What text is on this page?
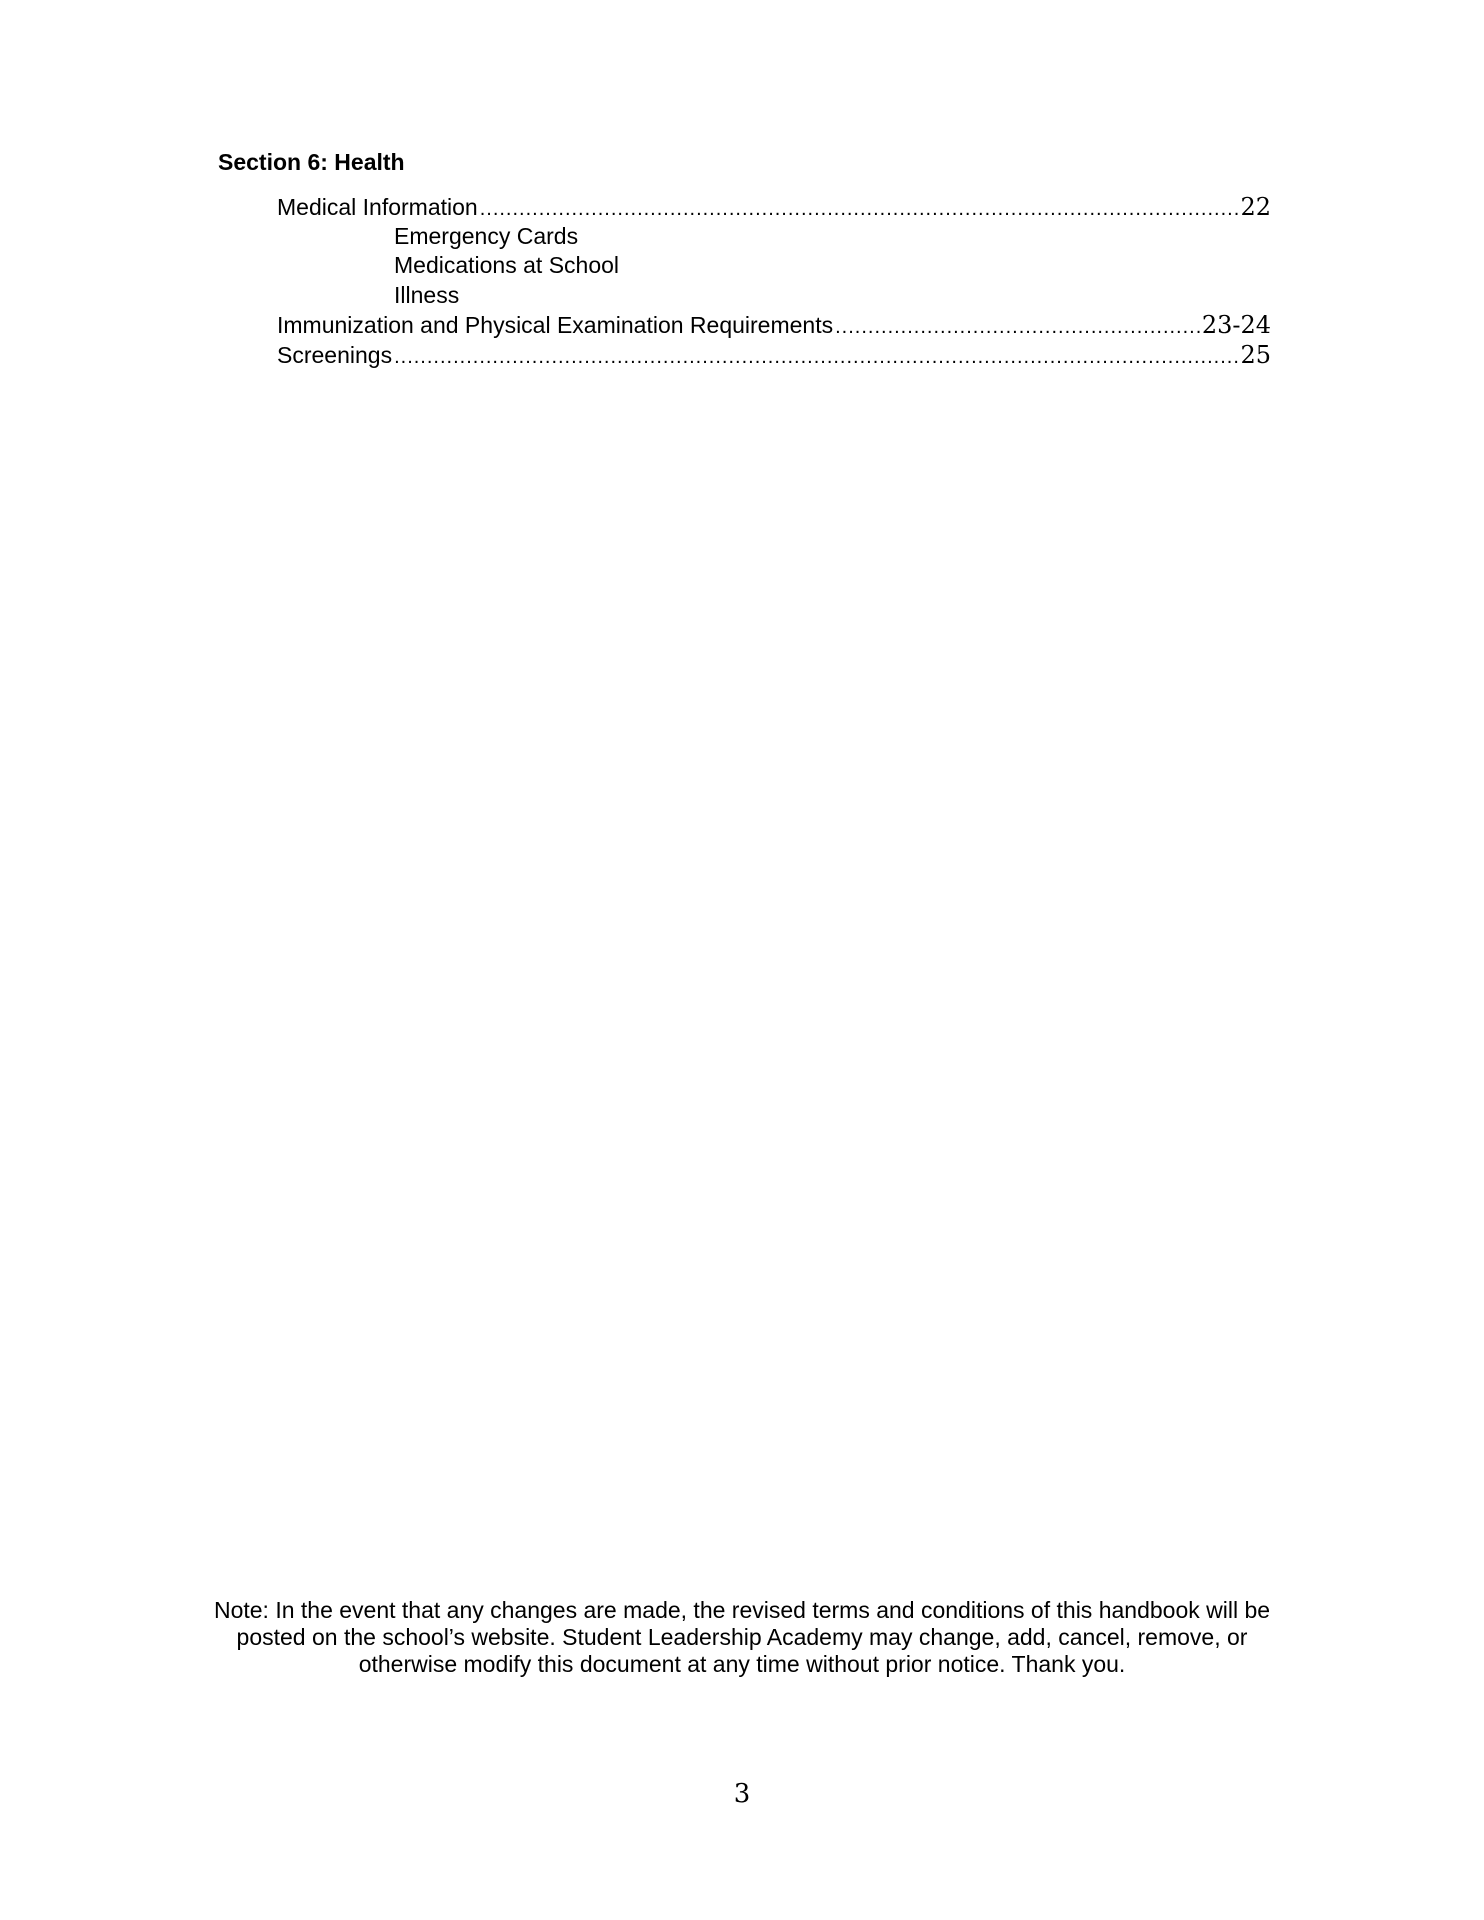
Section 6: Health
Medical Information .....	22
Emergency Cards
Medications at School
Illness
Immunization and Physical Examination Requirements .....	23-24
Screenings .....	25
Note: In the event that any changes are made, the revised terms and conditions of this handbook will be posted on the school’s website. Student Leadership Academy may change, add, cancel, remove, or otherwise modify this document at any time without prior notice. Thank you.
3
